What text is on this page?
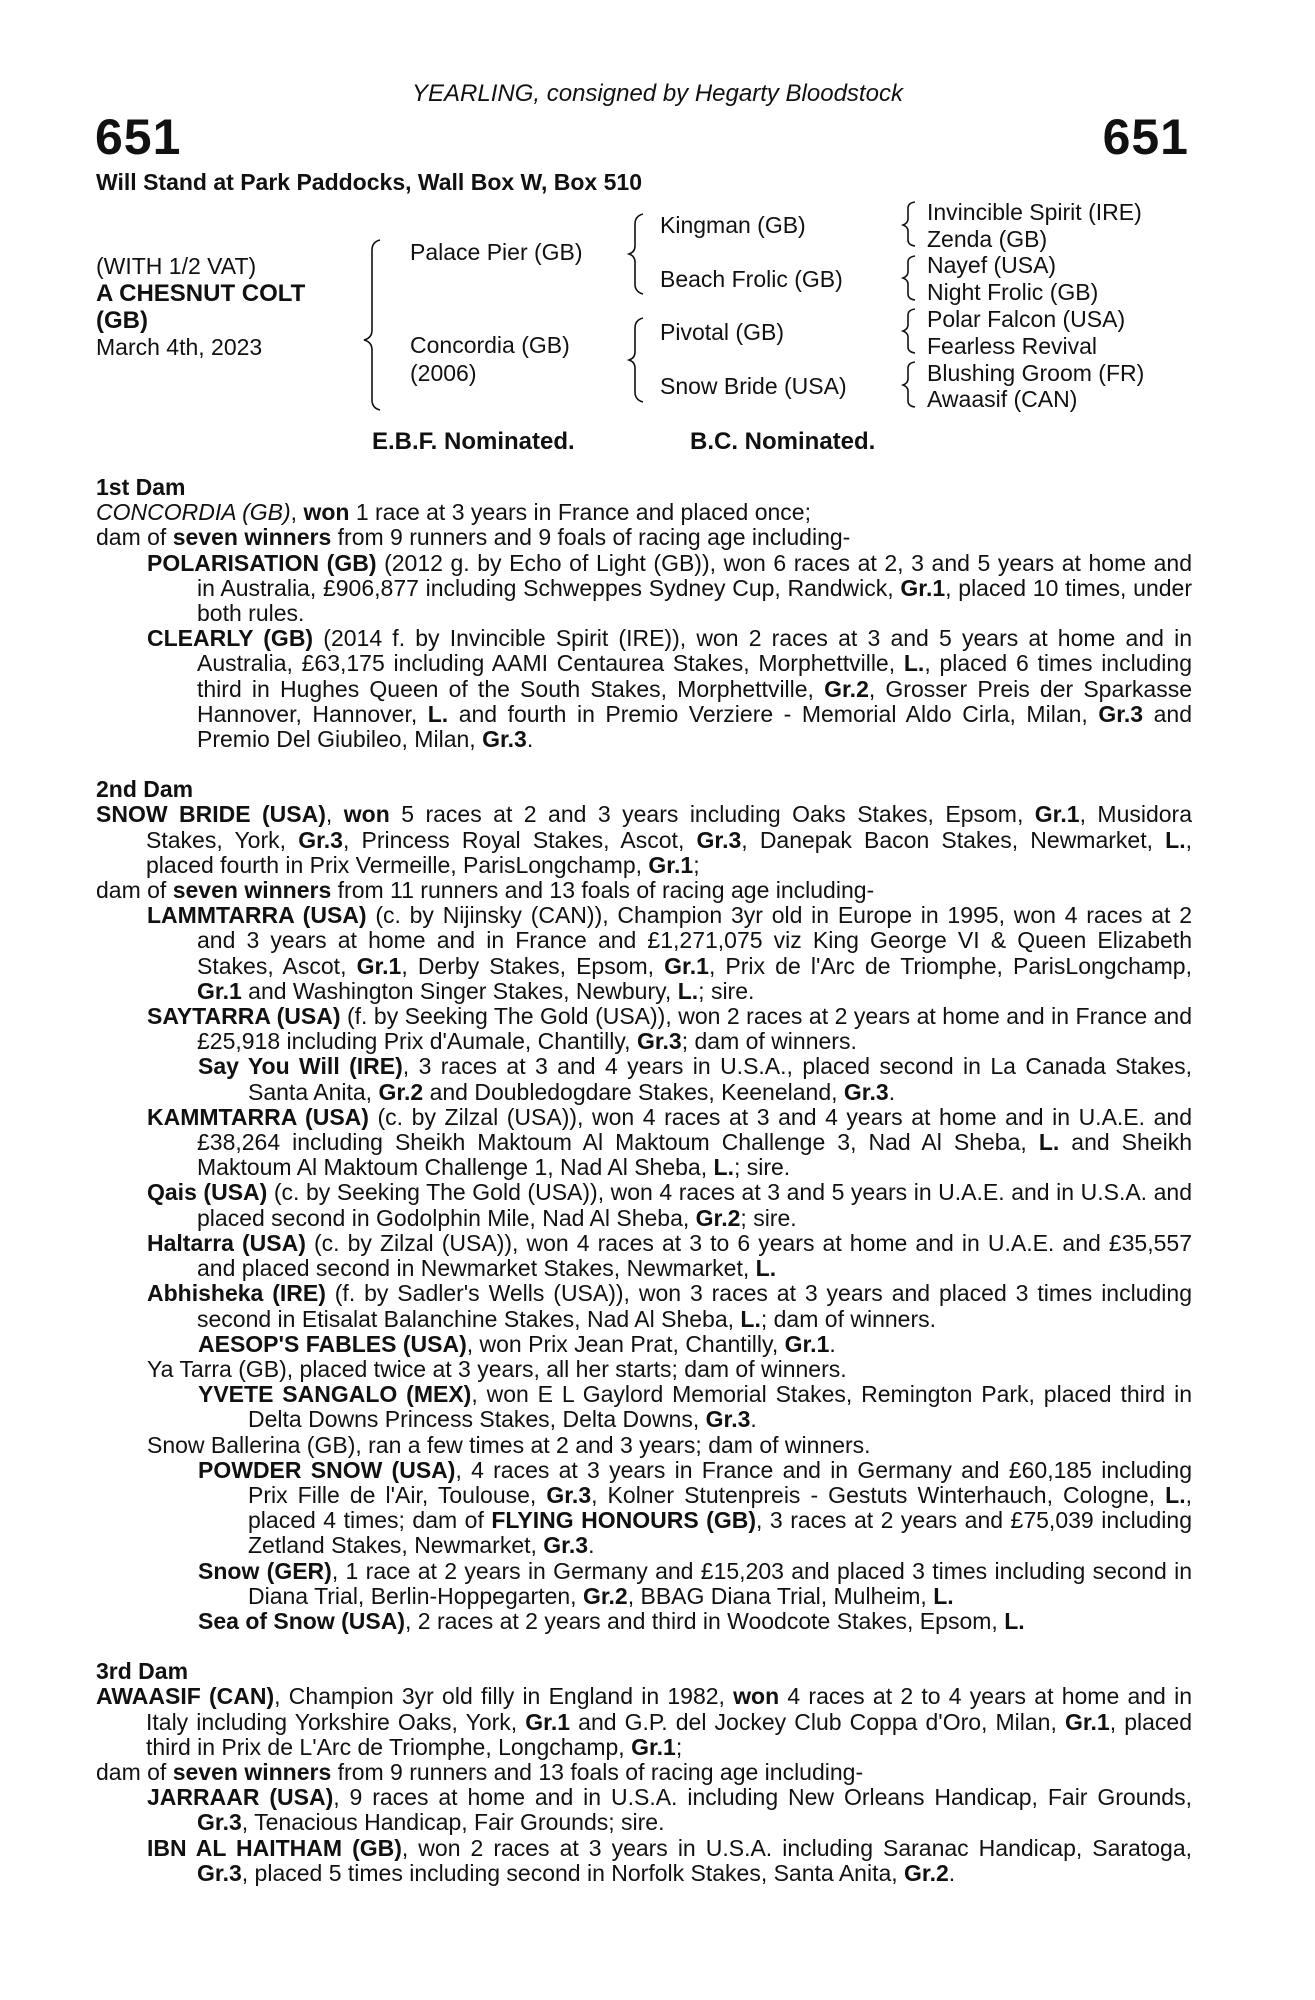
YEARLING, consigned by Hegarty Bloodstock
651	651
Will Stand at Park Paddocks, Wall Box W, Box 510
(WITH 1/2 VAT)
A CHESNUT COLT
(GB)
March 4th, 2023
Palace Pier (GB)
Concordia (GB)
(2006)
Kingman (GB)
Beach Frolic (GB)
Pivotal (GB)
Snow Bride (USA)
Invincible Spirit (IRE)
Zenda (GB)
Nayef (USA)
Night Frolic (GB)
Polar Falcon (USA)
Fearless Revival
Blushing Groom (FR)
Awaasif (CAN)
E.B.F. Nominated.	B.C. Nominated.
1st Dam
CONCORDIA (GB), won 1 race at 3 years in France and placed once;
dam of seven winners from 9 runners and 9 foals of racing age including-
POLARISATION (GB) (2012 g. by Echo of Light (GB)), won 6 races at 2, 3 and 5 years at home and in Australia, £906,877 including Schweppes Sydney Cup, Randwick, Gr.1, placed 10 times, under both rules.
CLEARLY (GB) (2014 f. by Invincible Spirit (IRE)), won 2 races at 3 and 5 years at home and in Australia, £63,175 including AAMI Centaurea Stakes, Morphettville, L., placed 6 times including third in Hughes Queen of the South Stakes, Morphettville, Gr.2, Grosser Preis der Sparkasse Hannover, Hannover, L. and fourth in Premio Verziere - Memorial Aldo Cirla, Milan, Gr.3 and Premio Del Giubileo, Milan, Gr.3.
2nd Dam
SNOW BRIDE (USA), won 5 races at 2 and 3 years including Oaks Stakes, Epsom, Gr.1, Musidora Stakes, York, Gr.3, Princess Royal Stakes, Ascot, Gr.3, Danepak Bacon Stakes, Newmarket, L., placed fourth in Prix Vermeille, ParisLongchamp, Gr.1;
dam of seven winners from 11 runners and 13 foals of racing age including-
LAMMTARRA (USA) (c. by Nijinsky (CAN)), Champion 3yr old in Europe in 1995, won 4 races at 2 and 3 years at home and in France and £1,271,075 viz King George VI & Queen Elizabeth Stakes, Ascot, Gr.1, Derby Stakes, Epsom, Gr.1, Prix de l'Arc de Triomphe, ParisLongchamp, Gr.1 and Washington Singer Stakes, Newbury, L.; sire.
SAYTARRA (USA) (f. by Seeking The Gold (USA)), won 2 races at 2 years at home and in France and £25,918 including Prix d'Aumale, Chantilly, Gr.3; dam of winners.
Say You Will (IRE), 3 races at 3 and 4 years in U.S.A., placed second in La Canada Stakes, Santa Anita, Gr.2 and Doubledogdare Stakes, Keeneland, Gr.3.
KAMMTARRA (USA) (c. by Zilzal (USA)), won 4 races at 3 and 4 years at home and in U.A.E. and £38,264 including Sheikh Maktoum Al Maktoum Challenge 3, Nad Al Sheba, L. and Sheikh Maktoum Al Maktoum Challenge 1, Nad Al Sheba, L.; sire.
Qais (USA) (c. by Seeking The Gold (USA)), won 4 races at 3 and 5 years in U.A.E. and in U.S.A. and placed second in Godolphin Mile, Nad Al Sheba, Gr.2; sire.
Haltarra (USA) (c. by Zilzal (USA)), won 4 races at 3 to 6 years at home and in U.A.E. and £35,557 and placed second in Newmarket Stakes, Newmarket, L.
Abhisheka (IRE) (f. by Sadler's Wells (USA)), won 3 races at 3 years and placed 3 times including second in Etisalat Balanchine Stakes, Nad Al Sheba, L.; dam of winners.
AESOP'S FABLES (USA), won Prix Jean Prat, Chantilly, Gr.1.
Ya Tarra (GB), placed twice at 3 years, all her starts; dam of winners.
YVETE SANGALO (MEX), won E L Gaylord Memorial Stakes, Remington Park, placed third in Delta Downs Princess Stakes, Delta Downs, Gr.3.
Snow Ballerina (GB), ran a few times at 2 and 3 years; dam of winners.
POWDER SNOW (USA), 4 races at 3 years in France and in Germany and £60,185 including Prix Fille de l'Air, Toulouse, Gr.3, Kolner Stutenpreis - Gestuts Winterhauch, Cologne, L., placed 4 times; dam of FLYING HONOURS (GB), 3 races at 2 years and £75,039 including Zetland Stakes, Newmarket, Gr.3.
Snow (GER), 1 race at 2 years in Germany and £15,203 and placed 3 times including second in Diana Trial, Berlin-Hoppegarten, Gr.2, BBAG Diana Trial, Mulheim, L.
Sea of Snow (USA), 2 races at 2 years and third in Woodcote Stakes, Epsom, L.
3rd Dam
AWAASIF (CAN), Champion 3yr old filly in England in 1982, won 4 races at 2 to 4 years at home and in Italy including Yorkshire Oaks, York, Gr.1 and G.P. del Jockey Club Coppa d'Oro, Milan, Gr.1, placed third in Prix de L'Arc de Triomphe, Longchamp, Gr.1;
dam of seven winners from 9 runners and 13 foals of racing age including-
JARRAAR (USA), 9 races at home and in U.S.A. including New Orleans Handicap, Fair Grounds, Gr.3, Tenacious Handicap, Fair Grounds; sire.
IBN AL HAITHAM (GB), won 2 races at 3 years in U.S.A. including Saranac Handicap, Saratoga, Gr.3, placed 5 times including second in Norfolk Stakes, Santa Anita, Gr.2.
